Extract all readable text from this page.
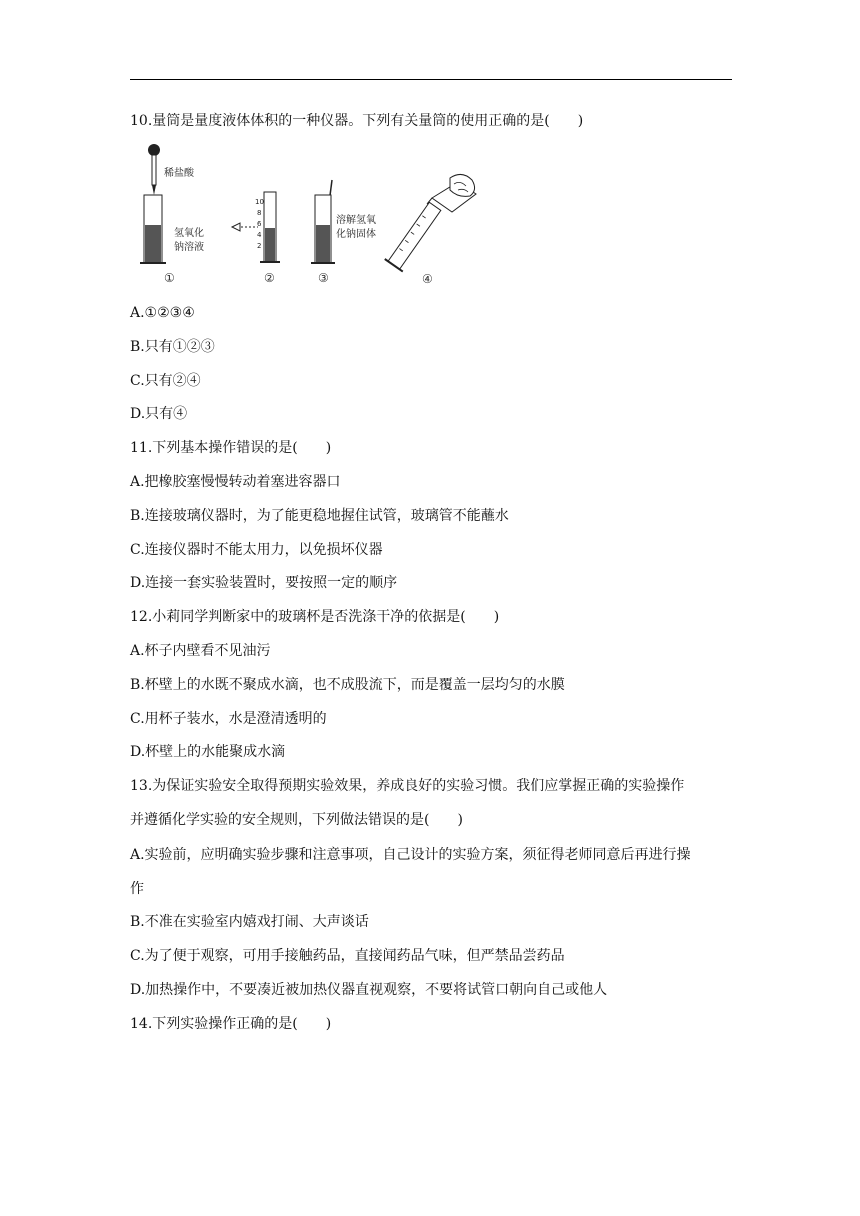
10.量筒是量度液体体积的一种仪器。下列有关量筒的使用正确的是(　　)
稀盐酸
氢氧化
钠溶液
①
10
8
6
4
2
②
溶解氢氧
化钠固体
③	④
A.①②③④
B.只有①②③
C.只有②④
D.只有④
11.下列基本操作错误的是(　　)
A.把橡胶塞慢慢转动着塞进容器口
B.连接玻璃仪器时，为了能更稳地握住试管，玻璃管不能蘸水
C.连接仪器时不能太用力，以免损坏仪器
D.连接一套实验装置时，要按照一定的顺序
12.小莉同学判断家中的玻璃杯是否洗涤干净的依据是(　　)
A.杯子内壁看不见油污
B.杯壁上的水既不聚成水滴，也不成股流下，而是覆盖一层均匀的水膜
C.用杯子装水，水是澄清透明的
D.杯壁上的水能聚成水滴
13.为保证实验安全取得预期实验效果，养成良好的实验习惯。我们应掌握正确的实验操作
并遵循化学实验的安全规则，下列做法错误的是(　　)
A.实验前，应明确实验步骤和注意事项，自己设计的实验方案，须征得老师同意后再进行操
作
B.不准在实验室内嬉戏打闹、大声谈话
C.为了便于观察，可用手接触药品，直接闻药品气味，但严禁品尝药品
D.加热操作中，不要凑近被加热仪器直视观察，不要将试管口朝向自己或他人
14.下列实验操作正确的是(　　)
